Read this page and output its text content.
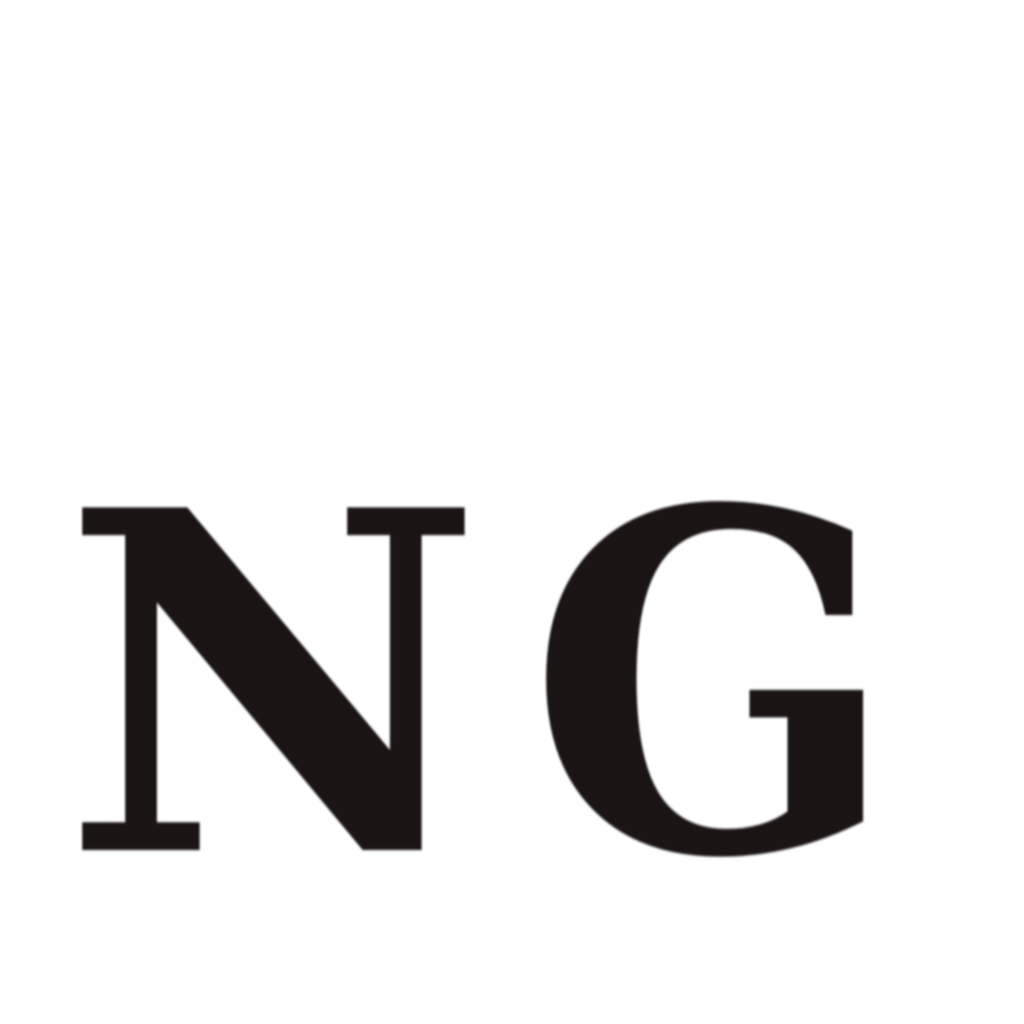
N G
